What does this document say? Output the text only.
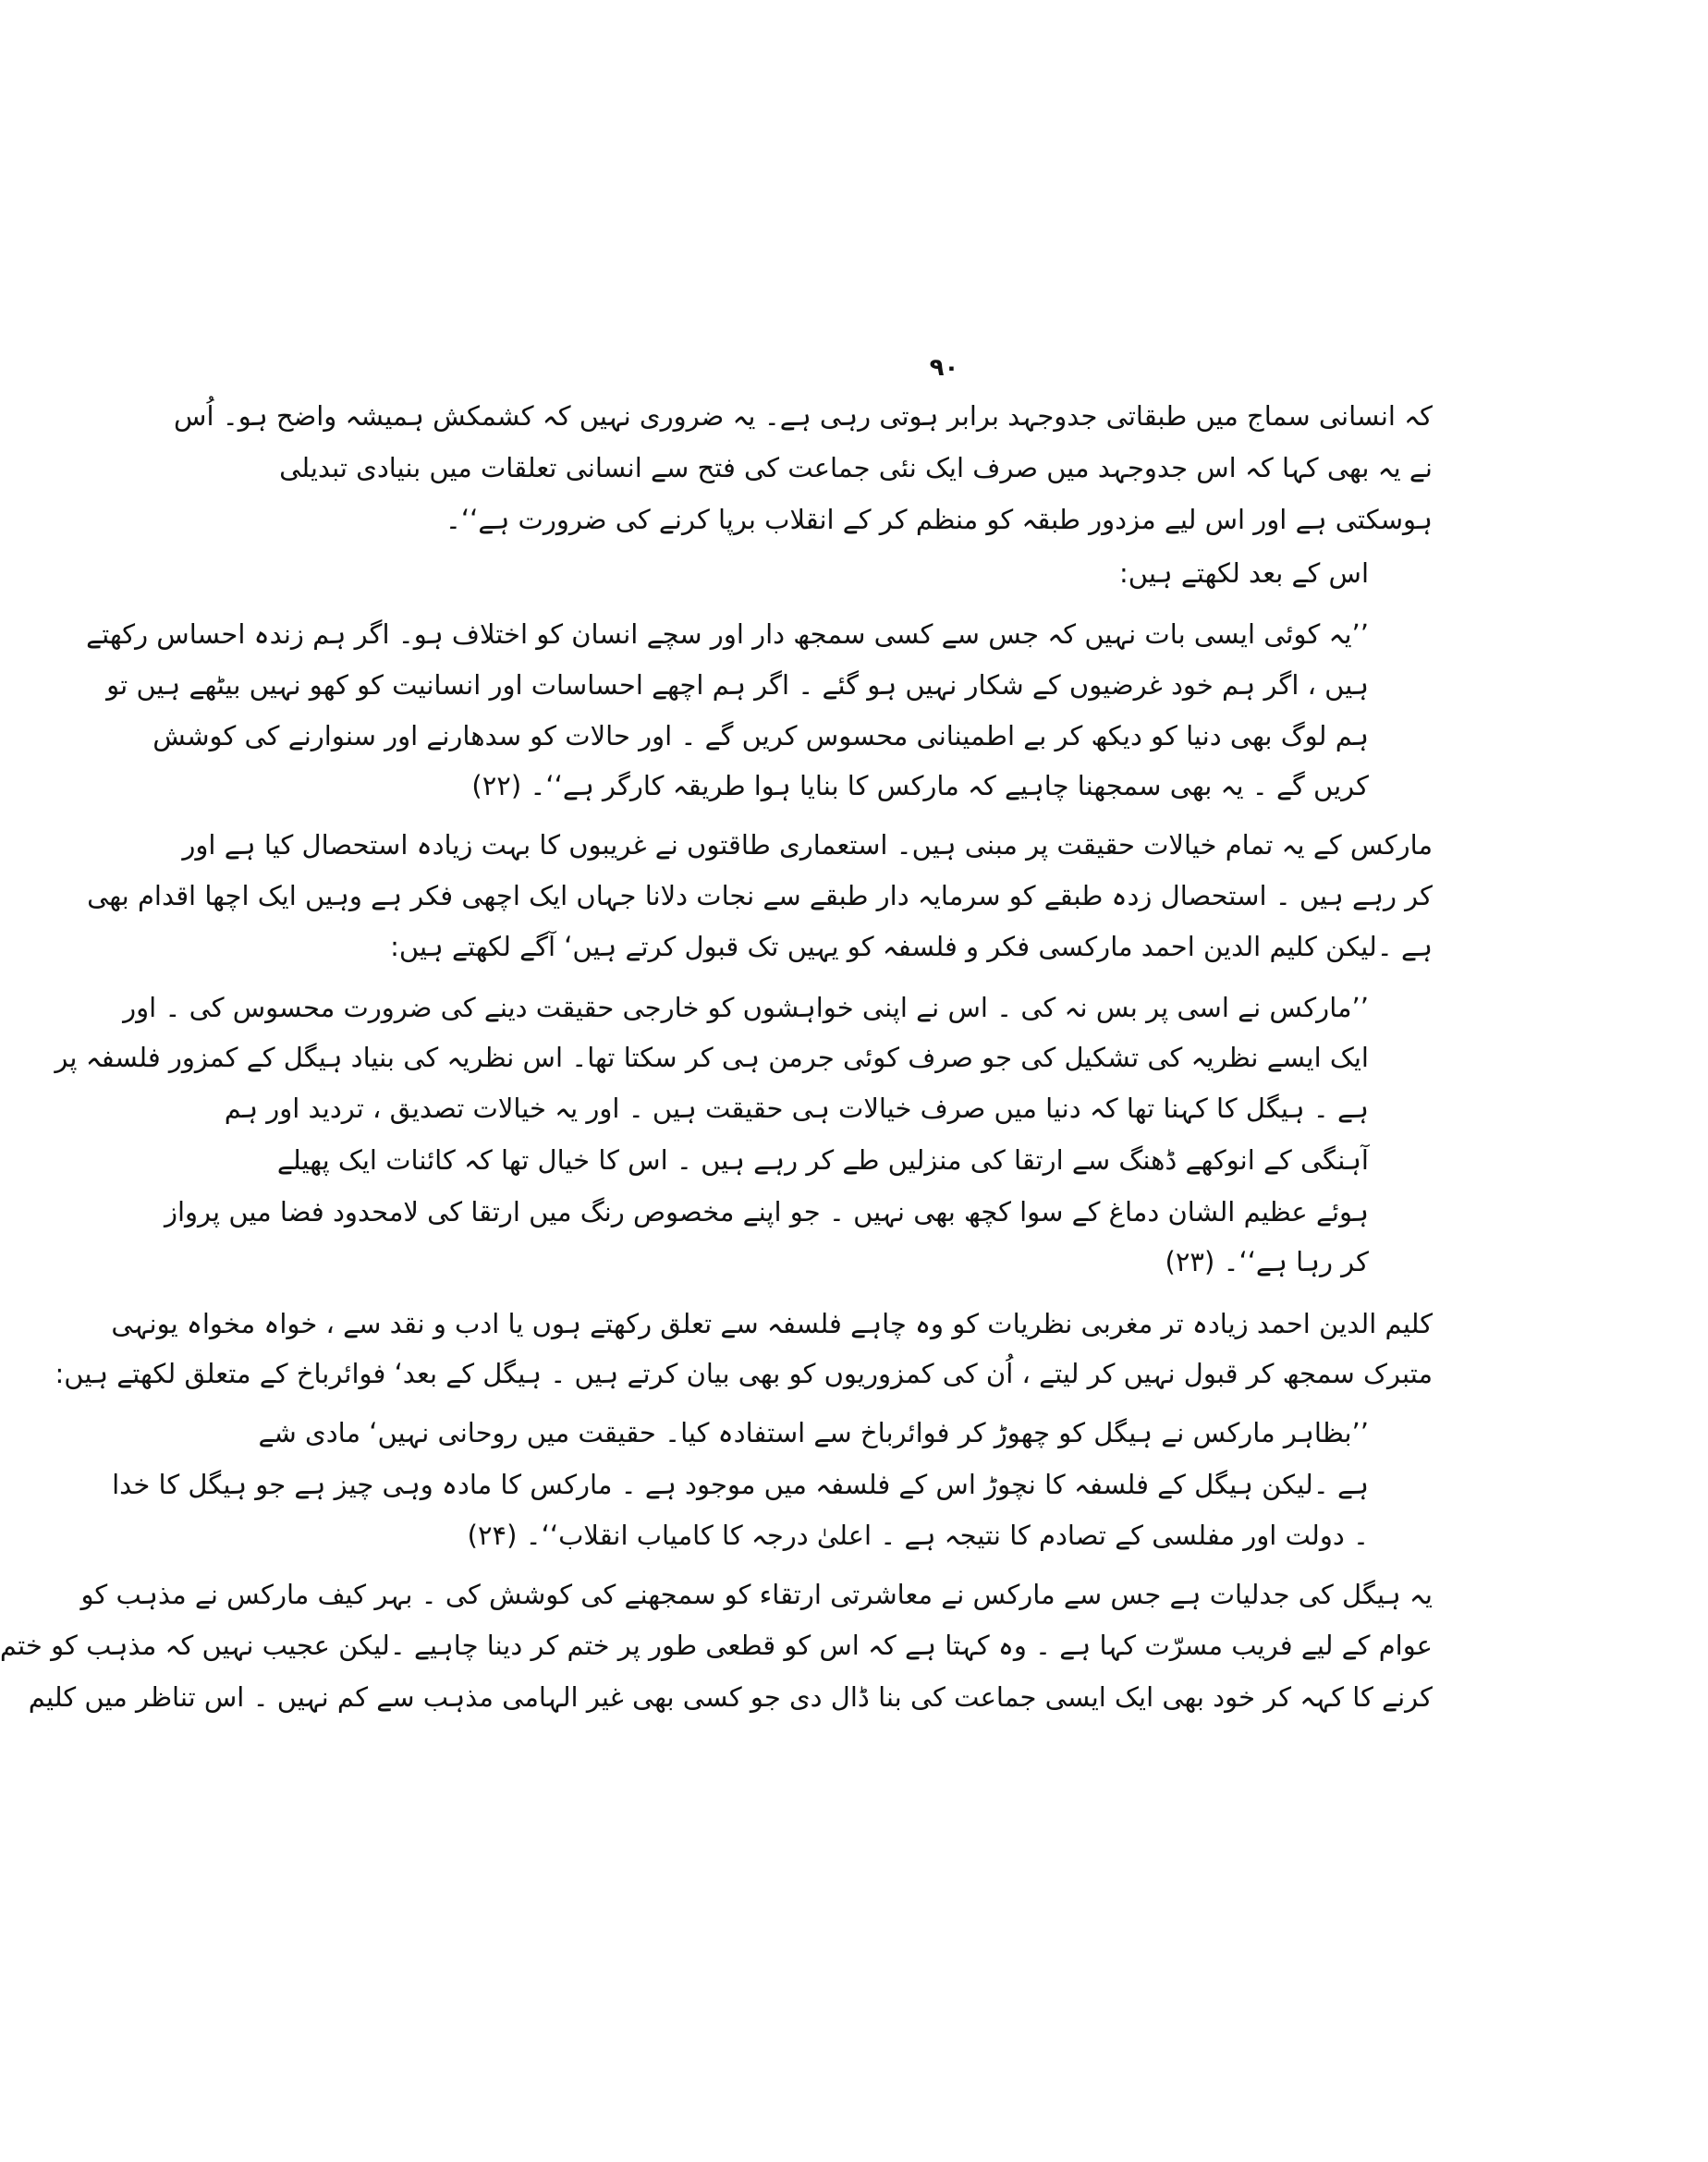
۹۰
کہ انسانی سماج میں طبقاتی جدوجہد برابر ہوتی رہی ہے۔ یہ ضروری نہیں کہ کشمکش ہمیشہ واضح ہو۔ اُس
نے یہ بھی کہا کہ اس جدوجہد میں صرف ایک نئی جماعت کی فتح سے انسانی تعلقات میں بنیادی تبدیلی
ہوسکتی ہے اور اس لیے مزدور طبقہ کو منظم کر کے انقلاب برپا کرنے کی ضرورت ہے‘‘۔
اس کے بعد لکھتے ہیں:
’’یہ کوئی ایسی بات نہیں کہ جس سے کسی سمجھ دار اور سچے انسان کو اختلاف ہو۔ اگر ہم زندہ احساس رکھتے
ہیں ، اگر ہم خود غرضیوں کے شکار نہیں ہو گئے ۔ اگر ہم اچھے احساسات اور انسانیت کو کھو نہیں بیٹھے ہیں تو
ہم لوگ بھی دنیا کو دیکھ کر بے اطمینانی محسوس کریں گے ۔ اور حالات کو سدھارنے اور سنوارنے کی کوشش
کریں گے ۔ یہ بھی سمجھنا چاہیے کہ مارکس کا بنایا ہوا طریقہ کارگر ہے‘‘۔ (۲۲)
مارکس کے یہ تمام خیالات حقیقت پر مبنی ہیں۔ استعماری طاقتوں نے غریبوں کا بہت زیادہ استحصال کیا ہے اور
کر رہے ہیں ۔ استحصال زدہ طبقے کو سرمایہ دار طبقے سے نجات دلانا جہاں ایک اچھی فکر ہے وہیں ایک اچھا اقدام بھی
ہے ۔لیکن کلیم الدین احمد مارکسی فکر و فلسفہ کو یہیں تک قبول کرتے ہیں‘ آگے لکھتے ہیں:
’’مارکس نے اسی پر بس نہ کی ۔ اس نے اپنی خواہشوں کو خارجی حقیقت دینے کی ضرورت محسوس کی ۔ اور
ایک ایسے نظریہ کی تشکیل کی جو صرف کوئی جرمن ہی کر سکتا تھا۔ اس نظریہ کی بنیاد ہیگل کے کمزور فلسفہ پر
ہے ۔ ہیگل کا کہنا تھا کہ دنیا میں صرف خیالات ہی حقیقت ہیں ۔ اور یہ خیالات تصدیق ، تردید اور ہم
آہنگی کے انوکھے ڈھنگ سے ارتقا کی منزلیں طے کر رہے ہیں ۔ اس کا خیال تھا کہ کائنات ایک پھیلے
ہوئے عظیم الشان دماغ کے سوا کچھ بھی نہیں ۔ جو اپنے مخصوص رنگ میں ارتقا کی لامحدود فضا میں پرواز
کر رہا ہے‘‘۔ (۲۳)
کلیم الدین احمد زیادہ تر مغربی نظریات کو وہ چاہے فلسفہ سے تعلق رکھتے ہوں یا ادب و نقد سے ، خواہ مخواہ یونہی
متبرک سمجھ کر قبول نہیں کر لیتے ، اُن کی کمزوریوں کو بھی بیان کرتے ہیں ۔ ہیگل کے بعد‘ فوائرباخ کے متعلق لکھتے ہیں:
’’بظاہر مارکس نے ہیگل کو چھوڑ کر فوائرباخ سے استفادہ کیا۔ حقیقت میں روحانی نہیں‘ مادی شے
ہے ۔لیکن ہیگل کے فلسفہ کا نچوڑ اس کے فلسفہ میں موجود ہے ۔ مارکس کا مادہ وہی چیز ہے جو ہیگل کا خدا
۔ دولت اور مفلسی کے تصادم کا نتیجہ ہے ۔ اعلیٰ درجہ کا کامیاب انقلاب‘‘۔ (۲۴)
یہ ہیگل کی جدلیات ہے جس سے مارکس نے معاشرتی ارتقاء کو سمجھنے کی کوشش کی ۔ بہر کیف مارکس نے مذہب کو
عوام کے لیے فریب مسرّت کہا ہے ۔ وہ کہتا ہے کہ اس کو قطعی طور پر ختم کر دینا چاہیے ۔لیکن عجیب نہیں کہ مذہب کو ختم
کرنے کا کہہ کر خود بھی ایک ایسی جماعت کی بنا ڈال دی جو کسی بھی غیر الہامی مذہب سے کم نہیں ۔ اس تناظر میں کلیم
